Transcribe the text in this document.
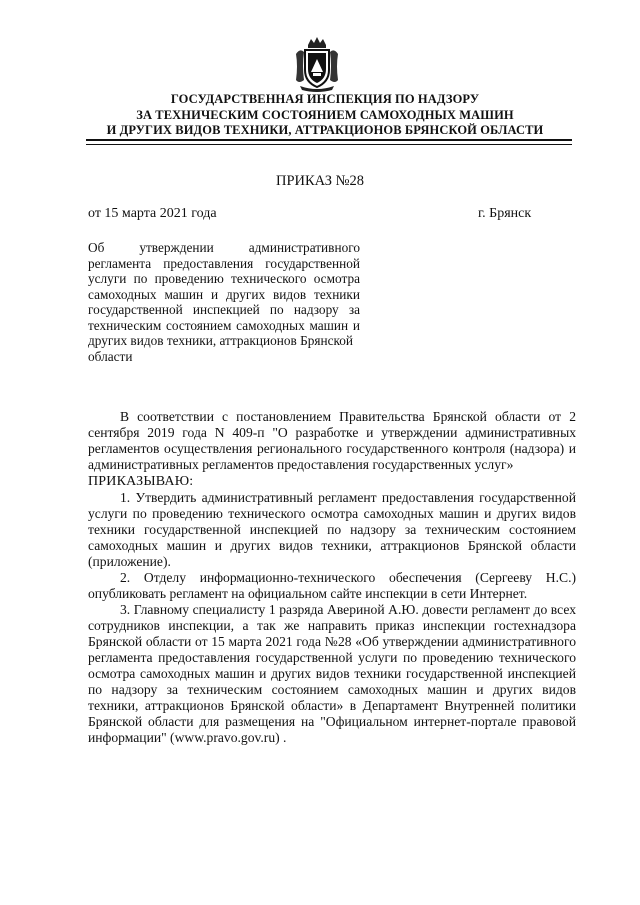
ГОСУДАРСТВЕННАЯ ИНСПЕКЦИЯ ПО НАДЗОРУ
ЗА ТЕХНИЧЕСКИМ СОСТОЯНИЕМ САМОХОДНЫХ МАШИН
И ДРУГИХ ВИДОВ ТЕХНИКИ, АТТРАКЦИОНОВ БРЯНСКОЙ ОБЛАСТИ
ПРИКАЗ №28
от 15 марта 2021 года	г. Брянск

Об утверждении административного регламента предоставления государственной услуги по проведению технического осмотра самоходных машин и других видов техники государственной инспекцией по надзору за техническим состоянием самоходных машин и других видов техники, аттракционов Брянской

области

В соответствии с постановлением Правительства Брянской области от 2 сентября 2019 года N 409-п "О разработке и утверждении административных регламентов осуществления регионального государственного контроля (надзора) и административных регламентов предоставления государственных услуг»

ПРИКАЗЫВАЮ:

1. Утвердить административный регламент предоставления государственной услуги по проведению технического осмотра самоходных машин и других видов техники государственной инспекцией по надзору за техническим состоянием самоходных машин и других видов техники, аттракционов Брянской области (приложение).

2. Отделу информационно-технического обеспечения (Сергееву Н.С.) опубликовать регламент на официальном сайте инспекции в сети Интернет.

3. Главному специалисту 1 разряда Авериной А.Ю. довести регламент до всех сотрудников инспекции, а так же направить приказ инспекции гостехнадзора Брянской области от 15 марта 2021 года №28 «Об утверждении административного регламента предоставления государственной услуги по проведению технического осмотра самоходных машин и других видов техники государственной инспекцией по надзору за техническим состоянием самоходных машин и других видов техники, аттракционов Брянской области» в Департамент Внутренней политики Брянской области для размещения на "Официальном интернет-портале правовой информации" (www.pravo.gov.ru) .
